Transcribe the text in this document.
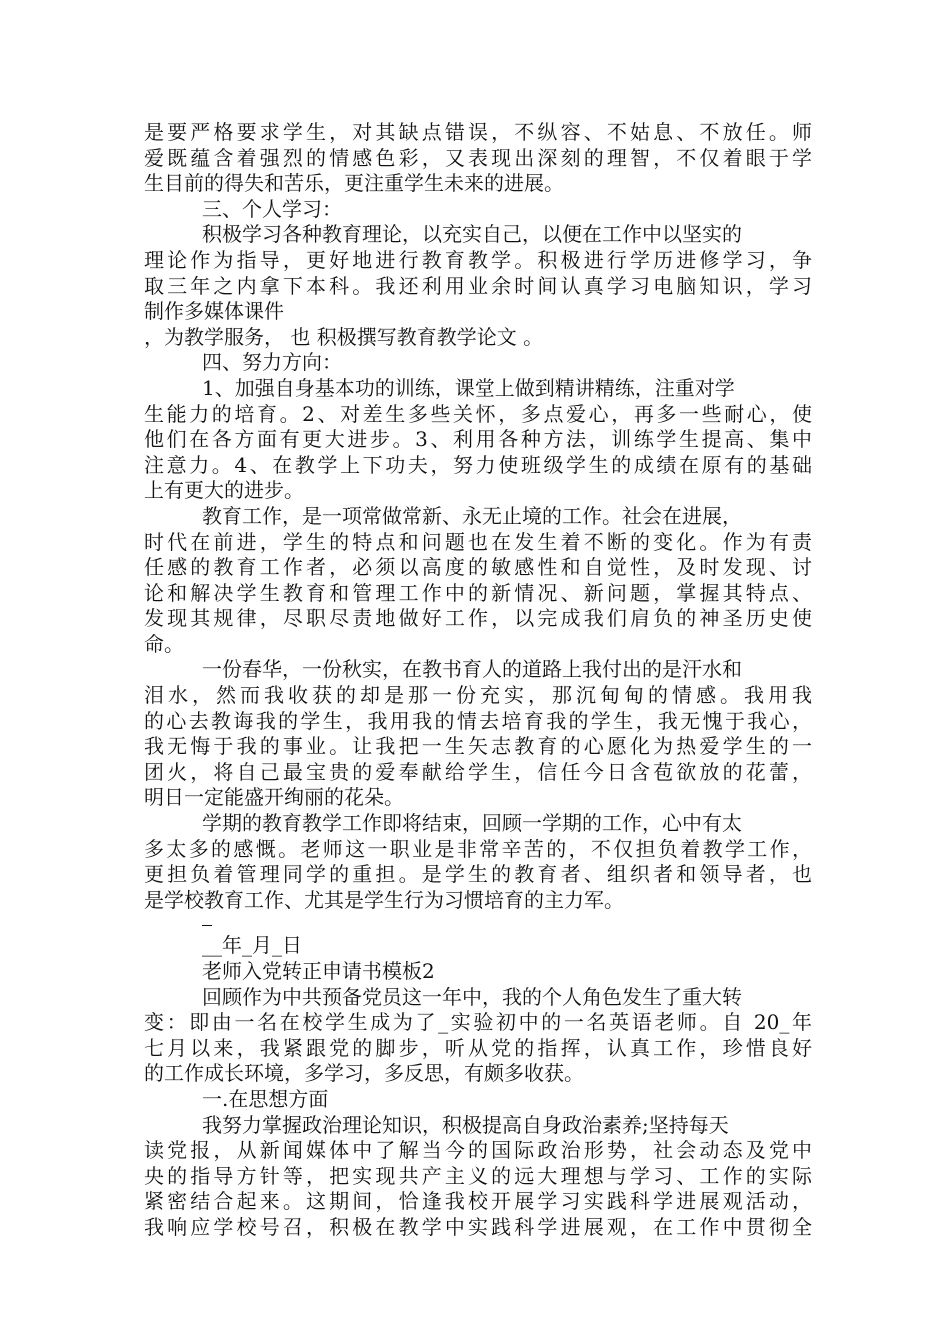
是要严格要求学生，对其缺点错误，不纵容、不姑息、不放任。师
爱既蕴含着强烈的情感色彩，又表现出深刻的理智，不仅着眼于学
生目前的得失和苦乐，更注重学生未来的进展。
三、个人学习：
积极学习各种教育理论，以充实自己，以便在工作中以坚实的
理论作为指导，更好地进行教育教学。积极进行学历进修学习，争
取三年之内拿下本科。我还利用业余时间认真学习电脑知识，学习
制作多媒体课件
，为教学服务， 也 积极撰写教育教学论文 。
四、努力方向：
1、加强自身基本功的训练，课堂上做到精讲精练，注重对学
生能力的培育。2、对差生多些关怀，多点爱心，再多一些耐心，使
他们在各方面有更大进步。3、利用各种方法，训练学生提高、集中
注意力。4、在教学上下功夫，努力使班级学生的成绩在原有的基础
上有更大的进步。
教育工作，是一项常做常新、永无止境的工作。社会在进展，
时代在前进，学生的特点和问题也在发生着不断的变化。作为有责
任感的教育工作者，必须以高度的敏感性和自觉性，及时发现、讨
论和解决学生教育和管理工作中的新情况、新问题，掌握其特点、
发现其规律，尽职尽责地做好工作，以完成我们肩负的神圣历史使
命。
一份春华，一份秋实，在教书育人的道路上我付出的是汗水和
泪水，然而我收获的却是那一份充实，那沉甸甸的情感。我用我
的心去教诲我的学生，我用我的情去培育我的学生，我无愧于我心，
我无悔于我的事业。让我把一生矢志教育的心愿化为热爱学生的一
团火，将自己最宝贵的爱奉献给学生，信任今日含苞欲放的花蕾，
明日一定能盛开绚丽的花朵。
学期的教育教学工作即将结束，回顾一学期的工作，心中有太
多太多的感慨。老师这一职业是非常辛苦的，不仅担负着教学工作，
更担负着管理同学的重担。是学生的教育者、组织者和领导者，也
是学校教育工作、尤其是学生行为习惯培育的主力军。
__年_月_日
老师入党转正申请书模板2
回顾作为中共预备党员这一年中，我的个人角色发生了重大转
变：即由一名在校学生成为了_实验初中的一名英语老师。自 20_年
七月以来，我紧跟党的脚步，听从党的指挥，认真工作，珍惜良好
的工作成长环境，多学习，多反思，有颇多收获。
一.在思想方面
我努力掌握政治理论知识，积极提高自身政治素养;坚持每天
读党报，从新闻媒体中了解当今的国际政治形势，社会动态及党中
央的指导方针等，把实现共产主义的远大理想与学习、工作的实际
紧密结合起来。这期间，恰逢我校开展学习实践科学进展观活动，
我响应学校号召，积极在教学中实践科学进展观，在工作中贯彻全
